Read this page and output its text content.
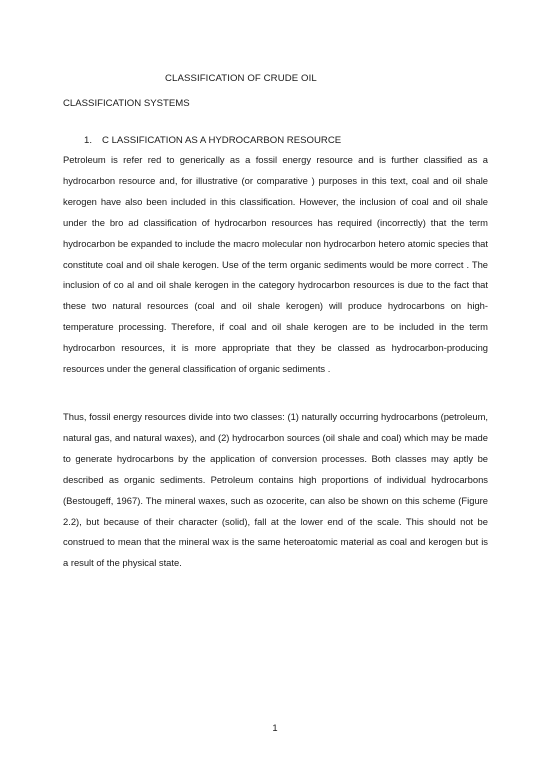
CLASSIFICATION OF CRUDE OIL
CLASSIFICATION SYSTEMS
1. C LASSIFICATION AS A HYDROCARBON RESOURCE
Petroleum is refer red to generically as a fossil energy resource and is further classified as a hydrocarbon resource and, for illustrative (or comparative ) purposes in this text, coal and oil shale kerogen have also been included in this classification. However, the inclusion of coal and oil shale under the bro ad classification of hydrocarbon resources has required (incorrectly) that the term hydrocarbon be expanded to include the macro molecular non hydrocarbon hetero atomic species that constitute coal and oil shale kerogen. Use of the term organic sediments would be more correct . The inclusion of co al and oil shale kerogen in the category hydrocarbon resources is due to the fact that these two natural resources (coal and oil shale kerogen) will produce hydrocarbons on high-temperature processing. Therefore, if coal and oil shale kerogen are to be included in the term hydrocarbon resources, it is more appropriate that they be classed as hydrocarbon-producing resources under the general classification of organic sediments .
Thus, fossil energy resources divide into two classes: (1) naturally occurring hydrocarbons (petroleum, natural gas, and natural waxes), and (2) hydrocarbon sources (oil shale and coal) which may be made to generate hydrocarbons by the application of conversion processes. Both classes may aptly be described as organic sediments. Petroleum contains high proportions of individual hydrocarbons (Bestougeff, 1967). The mineral waxes, such as ozocerite, can also be shown on this scheme (Figure 2.2), but because of their character (solid), fall at the lower end of the scale. This should not be construed to mean that the mineral wax is the same heteroatomic material as coal and kerogen but is a result of the physical state.
1
